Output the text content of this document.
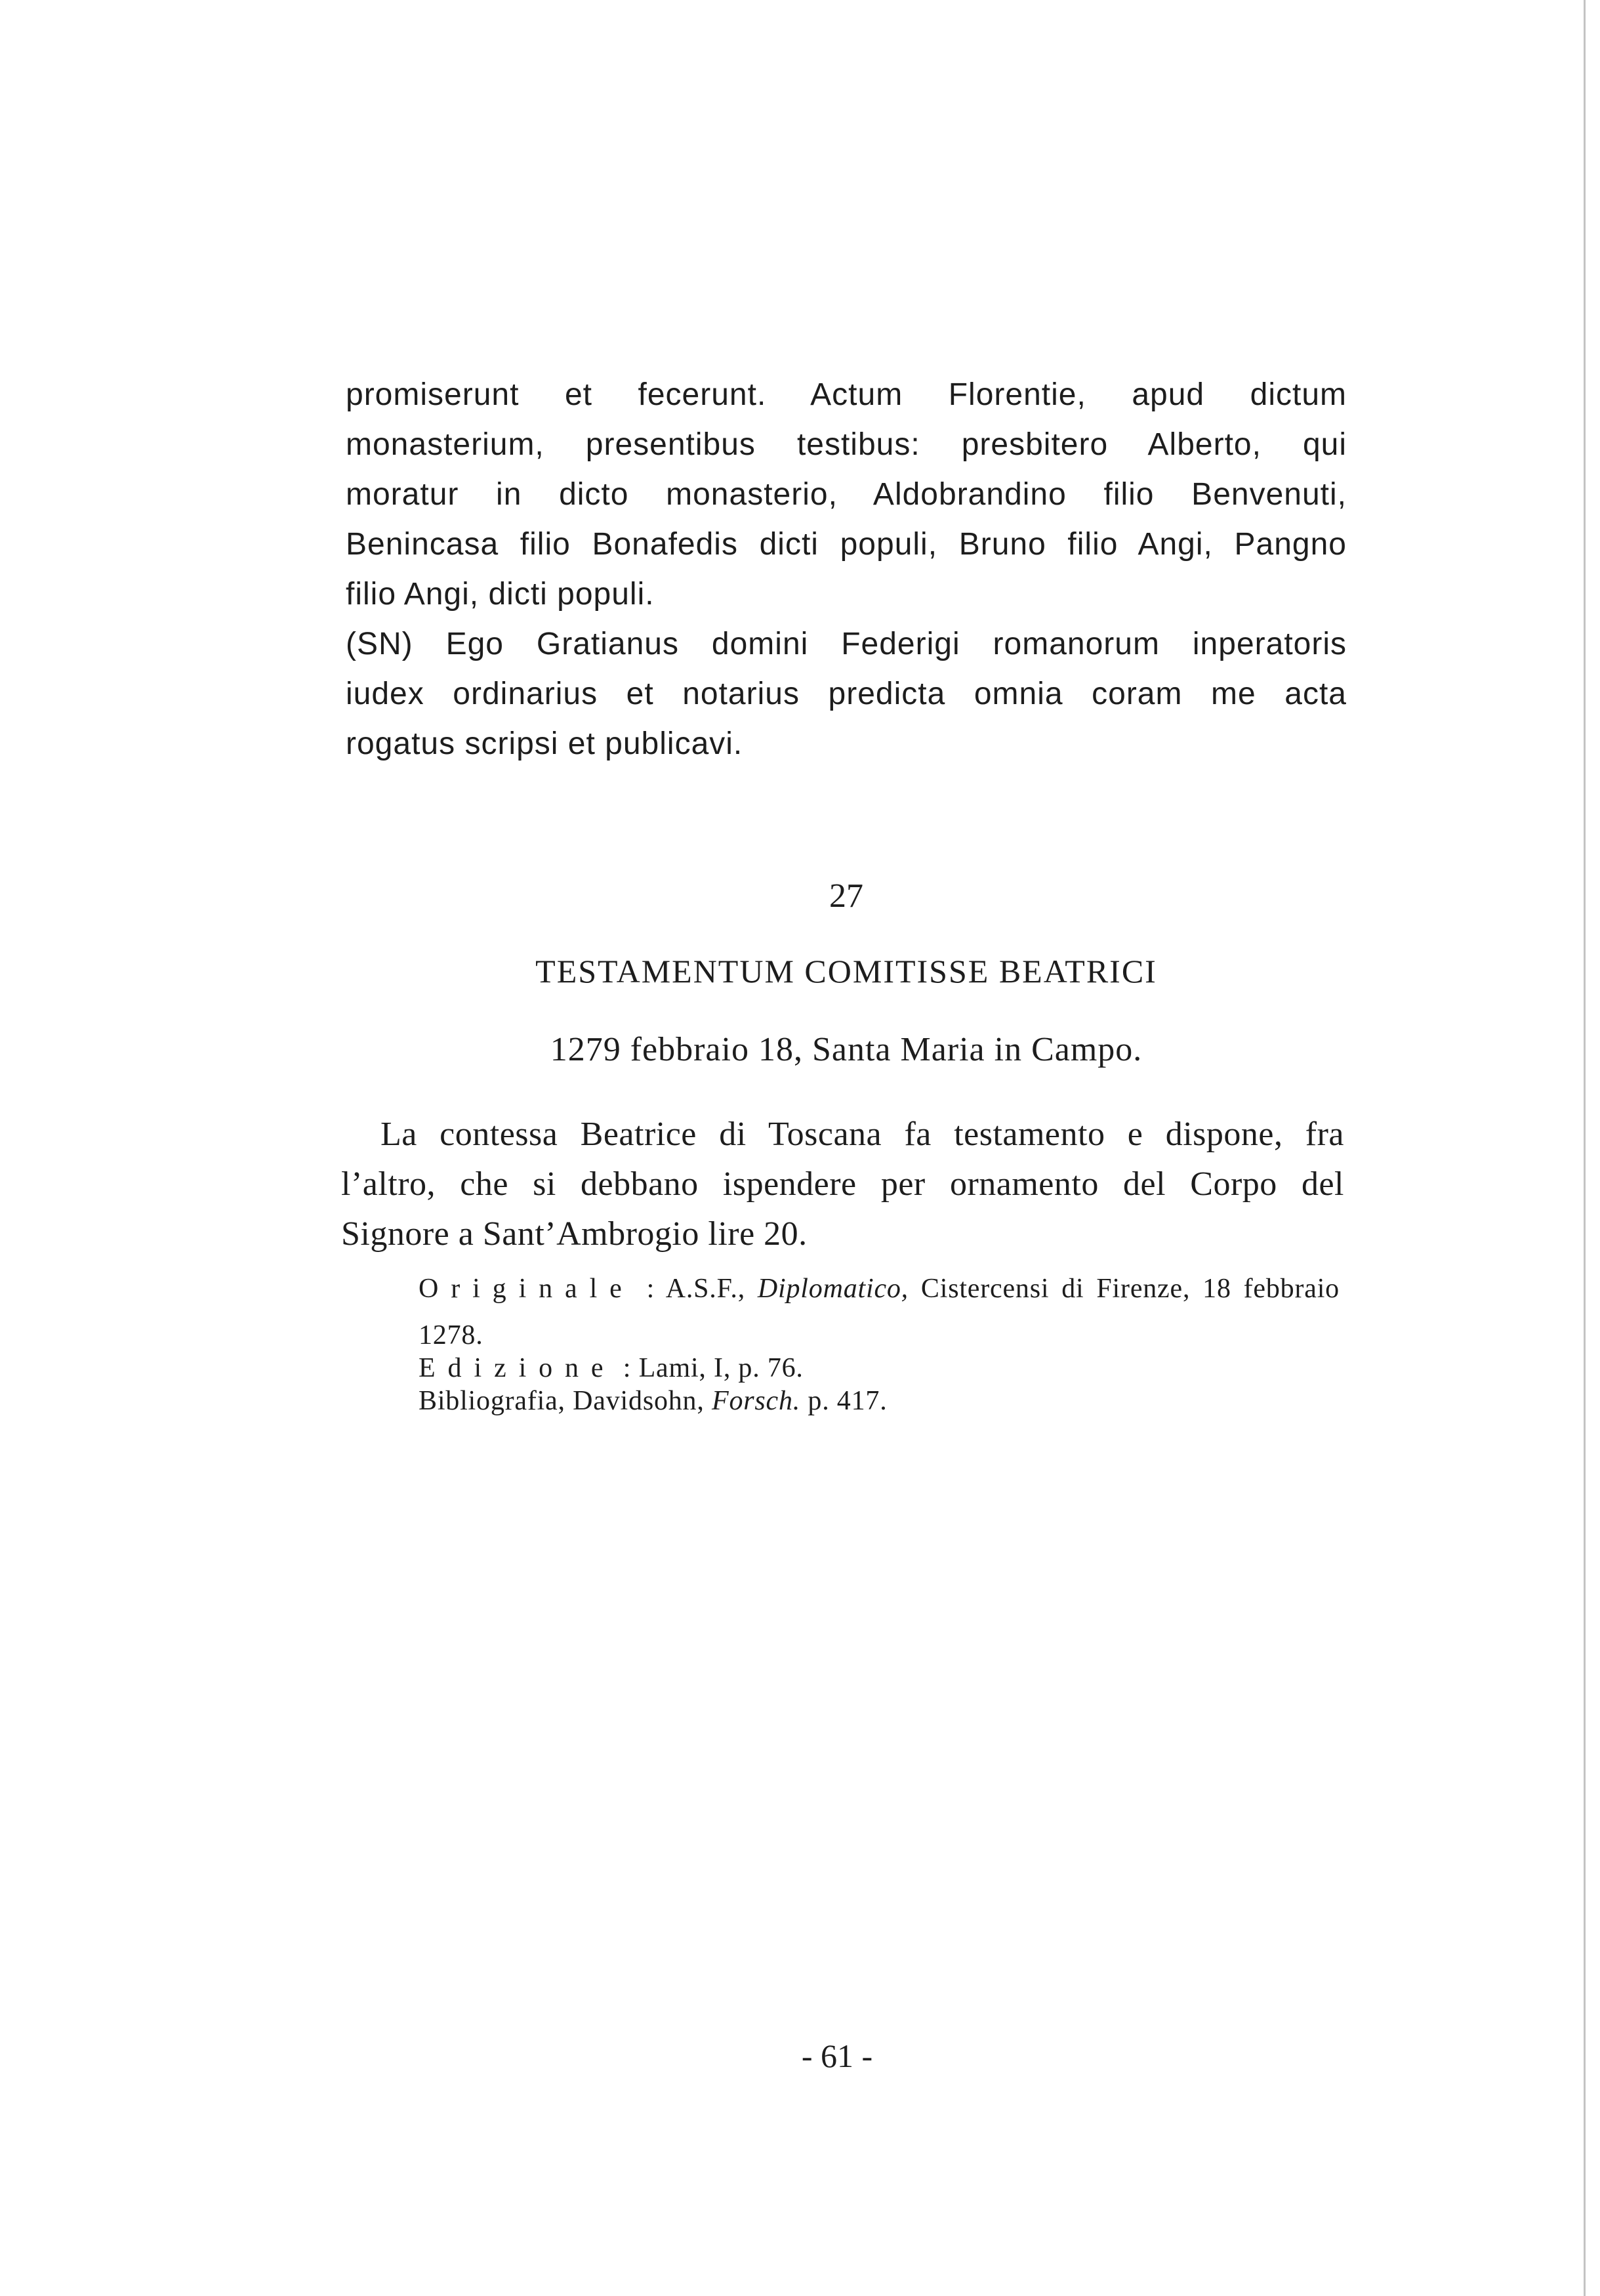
promiserunt et fecerunt. Actum Florentie, apud dictum
monasterium, presentibus testibus: presbitero Alberto, qui
moratur in dicto monasterio, Aldobrandino filio Benvenuti,
Benincasa filio Bonafedis dicti populi, Bruno filio Angi, Pangno
filio Angi, dicti populi.
(SN) Ego Gratianus domini Federigi romanorum inperatoris
iudex ordinarius et notarius predicta omnia coram me acta
rogatus scripsi et publicavi.
27
TESTAMENTUM COMITISSE BEATRICI
1279 febbraio 18, Santa Maria in Campo.
La contessa Beatrice di Toscana fa testamento e dispone, fra
l’altro, che si debbano ispendere per ornamento del Corpo del
Signore a Sant’Ambrogio lire 20.
Originale : A.S.F., Diplomatico, Cistercensi di Firenze, 18 febbraio
1278.
Edizione : Lami, I, p. 76.
Bibliografia, Davidsohn, Forsch. p. 417.
- 61 -
